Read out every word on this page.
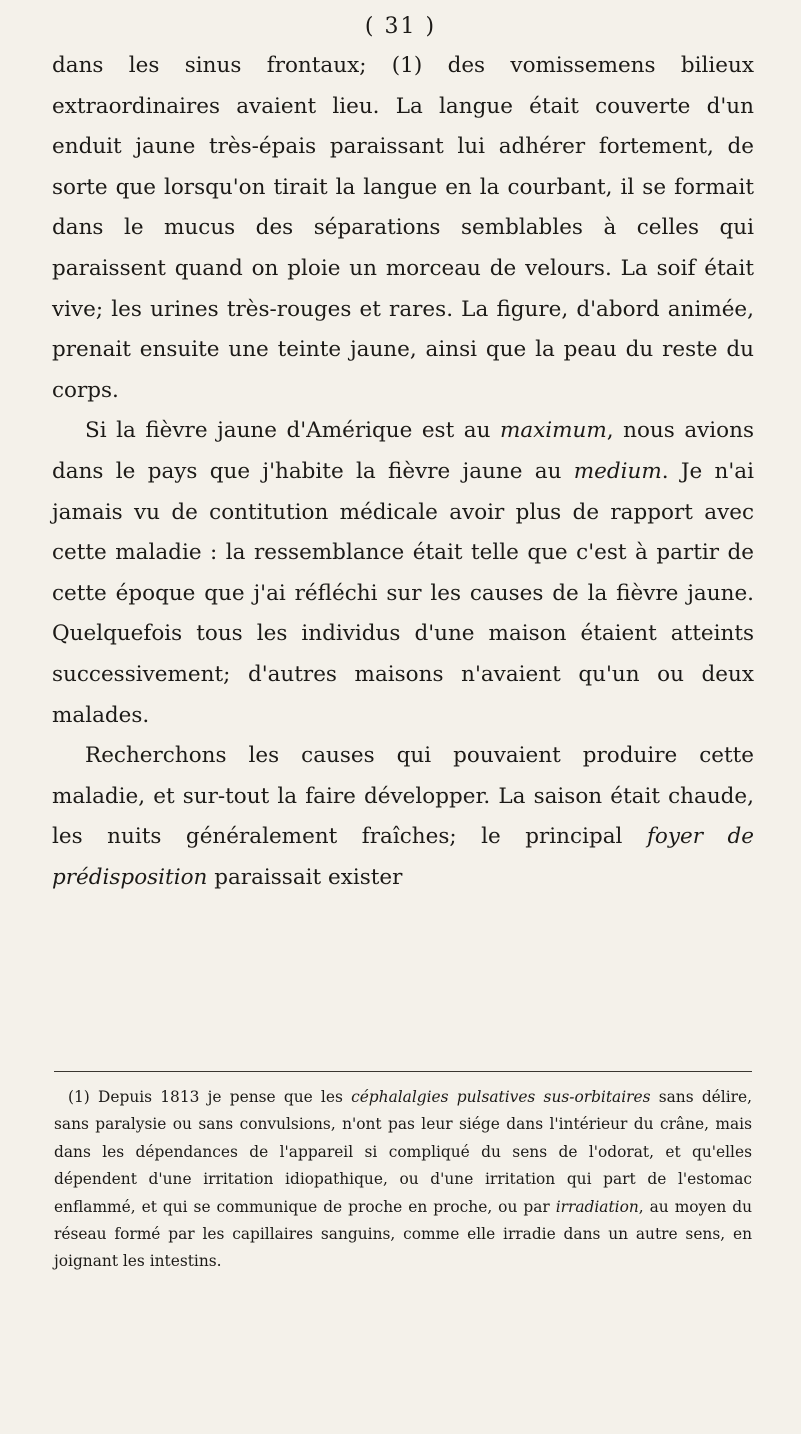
( 31 )

dans les sinus frontaux; (1) des vomissemens bilieux extraordinaires avaient lieu. La langue était couverte d'un enduit jaune très-épais paraissant lui adhérer fortement, de sorte que lorsqu'on tirait la langue en la courbant, il se formait dans le mucus des séparations semblables à celles qui paraissent quand on ploie un morceau de velours. La soif était vive; les urines très-rouges et rares. La figure, d'abord animée, prenait ensuite une teinte jaune, ainsi que la peau du reste du corps.

Si la fièvre jaune d'Amérique est au maximum, nous avions dans le pays que j'habite la fièvre jaune au medium. Je n'ai jamais vu de contitution médicale avoir plus de rapport avec cette maladie : la ressemblance était telle que c'est à partir de cette époque que j'ai réfléchi sur les causes de la fièvre jaune. Quelquefois tous les individus d'une maison étaient atteints successivement; d'autres maisons n'avaient qu'un ou deux malades.

Recherchons les causes qui pouvaient produire cette maladie, et sur-tout la faire développer. La saison était chaude, les nuits généralement fraîches; le principal foyer de prédisposition paraissait exister

(1) Depuis 1813 je pense que les céphalalgies pulsatives sus-orbitaires sans délire, sans paralysie ou sans convulsions, n'ont pas leur siége dans l'intérieur du crâne, mais dans les dépendances de l'appareil si compliqué du sens de l'odorat, et qu'elles dépendent d'une irritation idiopathique, ou d'une irritation qui part de l'estomac enflammé, et qui se communique de proche en proche, ou par irradiation, au moyen du réseau formé par les capillaires sanguins, comme elle irradie dans un autre sens, en joignant les intestins.
